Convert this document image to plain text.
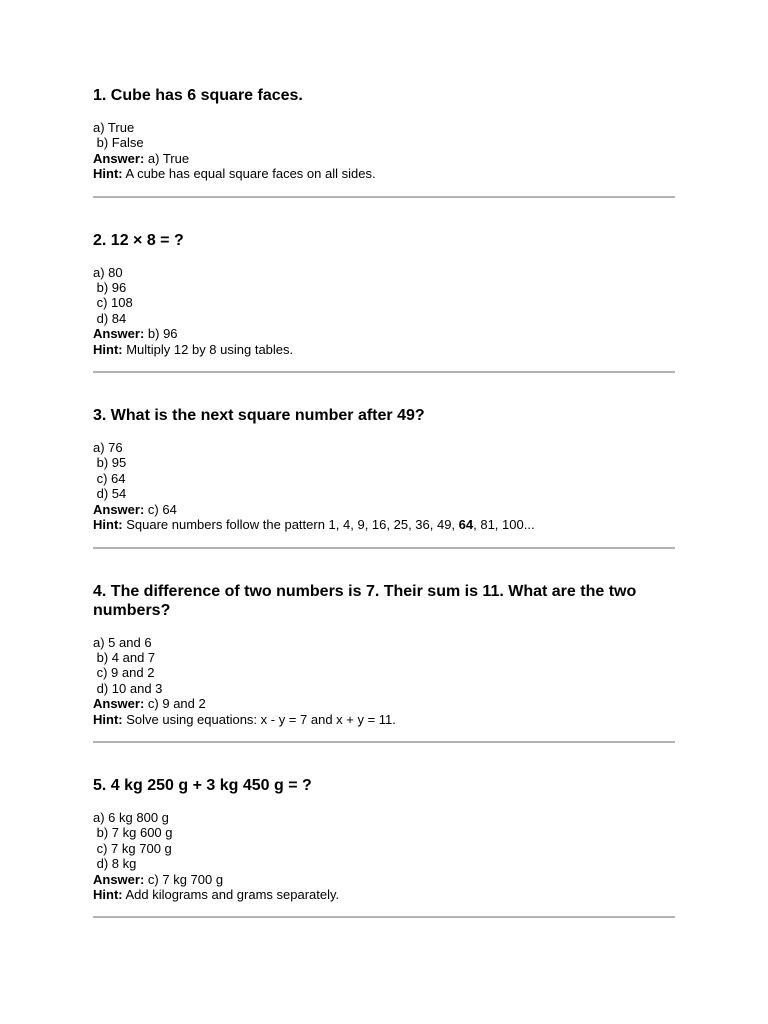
1. Cube has 6 square faces.
a) True
b) False
Answer: a) True
Hint: A cube has equal square faces on all sides.
2. 12 × 8 = ?
a) 80
b) 96
c) 108
d) 84
Answer: b) 96
Hint: Multiply 12 by 8 using tables.
3. What is the next square number after 49?
a) 76
b) 95
c) 64
d) 54
Answer: c) 64
Hint: Square numbers follow the pattern 1, 4, 9, 16, 25, 36, 49, 64, 81, 100...
4. The difference of two numbers is 7. Their sum is 11. What are the two numbers?
a) 5 and 6
b) 4 and 7
c) 9 and 2
d) 10 and 3
Answer: c) 9 and 2
Hint: Solve using equations: x - y = 7 and x + y = 11.
5. 4 kg 250 g + 3 kg 450 g = ?
a) 6 kg 800 g
b) 7 kg 600 g
c) 7 kg 700 g
d) 8 kg
Answer: c) 7 kg 700 g
Hint: Add kilograms and grams separately.
